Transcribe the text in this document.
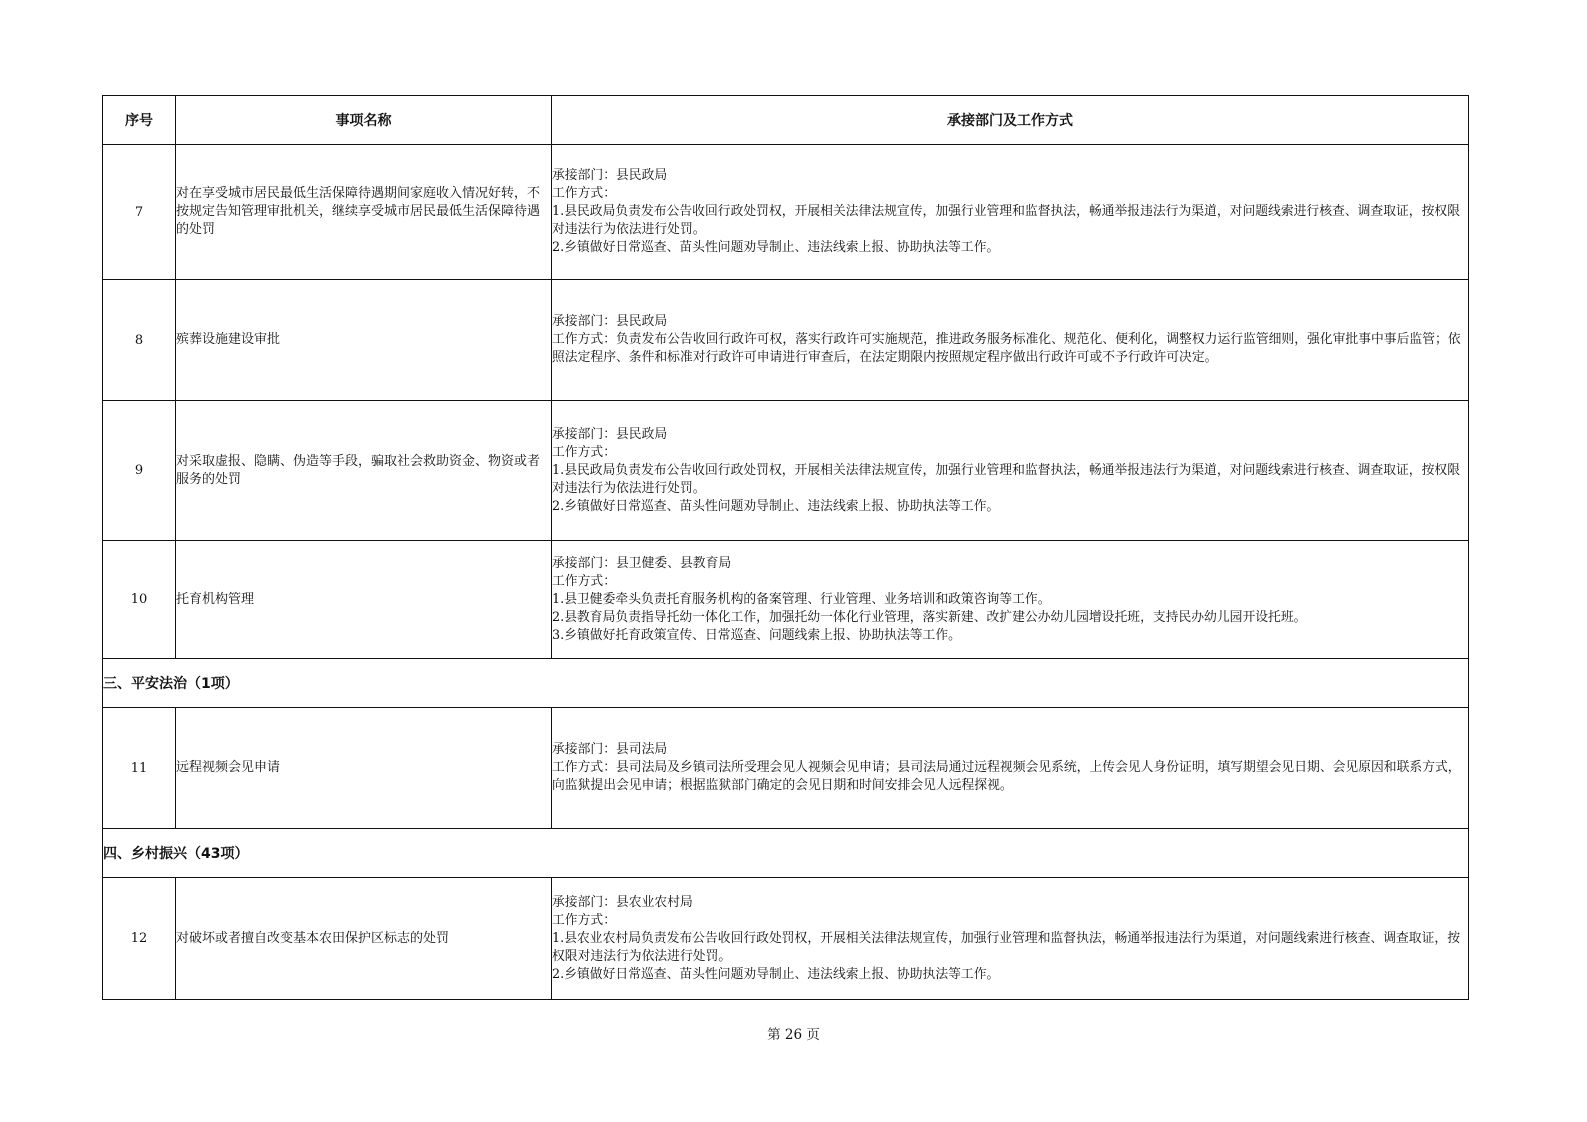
序号	事项名称	承接部门及工作方式
7	对在享受城市居民最低生活保障待遇期间家庭收入情况好转，不按规定告知管理审批机关，继续享受城市居民最低生活保障待遇的处罚	承接部门：县民政局
工作方式：
1.县民政局负责发布公告收回行政处罚权，开展相关法律法规宣传，加强行业管理和监督执法，畅通举报违法行为渠道，对问题线索进行核查、调查取证，按权限对违法行为依法进行处罚。
2.乡镇做好日常巡查、苗头性问题劝导制止、违法线索上报、协助执法等工作。

8	殡葬设施建设审批	承接部门：县民政局
工作方式：负责发布公告收回行政许可权，落实行政许可实施规范，推进政务服务标准化、规范化、便利化，调整权力运行监管细则，强化审批事中事后监管；依照法定程序、条件和标准对行政许可申请进行审查后，在法定期限内按照规定程序做出行政许可或不予行政许可决定。

9	对采取虚报、隐瞒、伪造等手段，骗取社会救助资金、物资或者服务的处罚	承接部门：县民政局
工作方式：
1.县民政局负责发布公告收回行政处罚权，开展相关法律法规宣传，加强行业管理和监督执法，畅通举报违法行为渠道，对问题线索进行核查、调查取证，按权限对违法行为依法进行处罚。
2.乡镇做好日常巡查、苗头性问题劝导制止、违法线索上报、协助执法等工作。

10	托育机构管理	承接部门：县卫健委、县教育局
工作方式：
1.县卫健委牵头负责托育服务机构的备案管理、行业管理、业务培训和政策咨询等工作。
2.县教育局负责指导托幼一体化工作，加强托幼一体化行业管理，落实新建、改扩建公办幼儿园增设托班，支持民办幼儿园开设托班。
3.乡镇做好托育政策宣传、日常巡查、问题线索上报、协助执法等工作。

三、平安法治（1项）		
11	远程视频会见申请	承接部门：县司法局
工作方式：县司法局及乡镇司法所受理会见人视频会见申请；县司法局通过远程视频会见系统，上传会见人身份证明，填写期望会见日期、会见原因和联系方式，向监狱提出会见申请；根据监狱部门确定的会见日期和时间安排会见人远程探视。

四、乡村振兴（43项）		
12	对破坏或者擅自改变基本农田保护区标志的处罚	承接部门：县农业农村局
工作方式：
1.县农业农村局负责发布公告收回行政处罚权，开展相关法律法规宣传，加强行业管理和监督执法，畅通举报违法行为渠道，对问题线索进行核查、调查取证，按权限对违法行为依法进行处罚。
2.乡镇做好日常巡查、苗头性问题劝导制止、违法线索上报、协助执法等工作。
第 26 页
